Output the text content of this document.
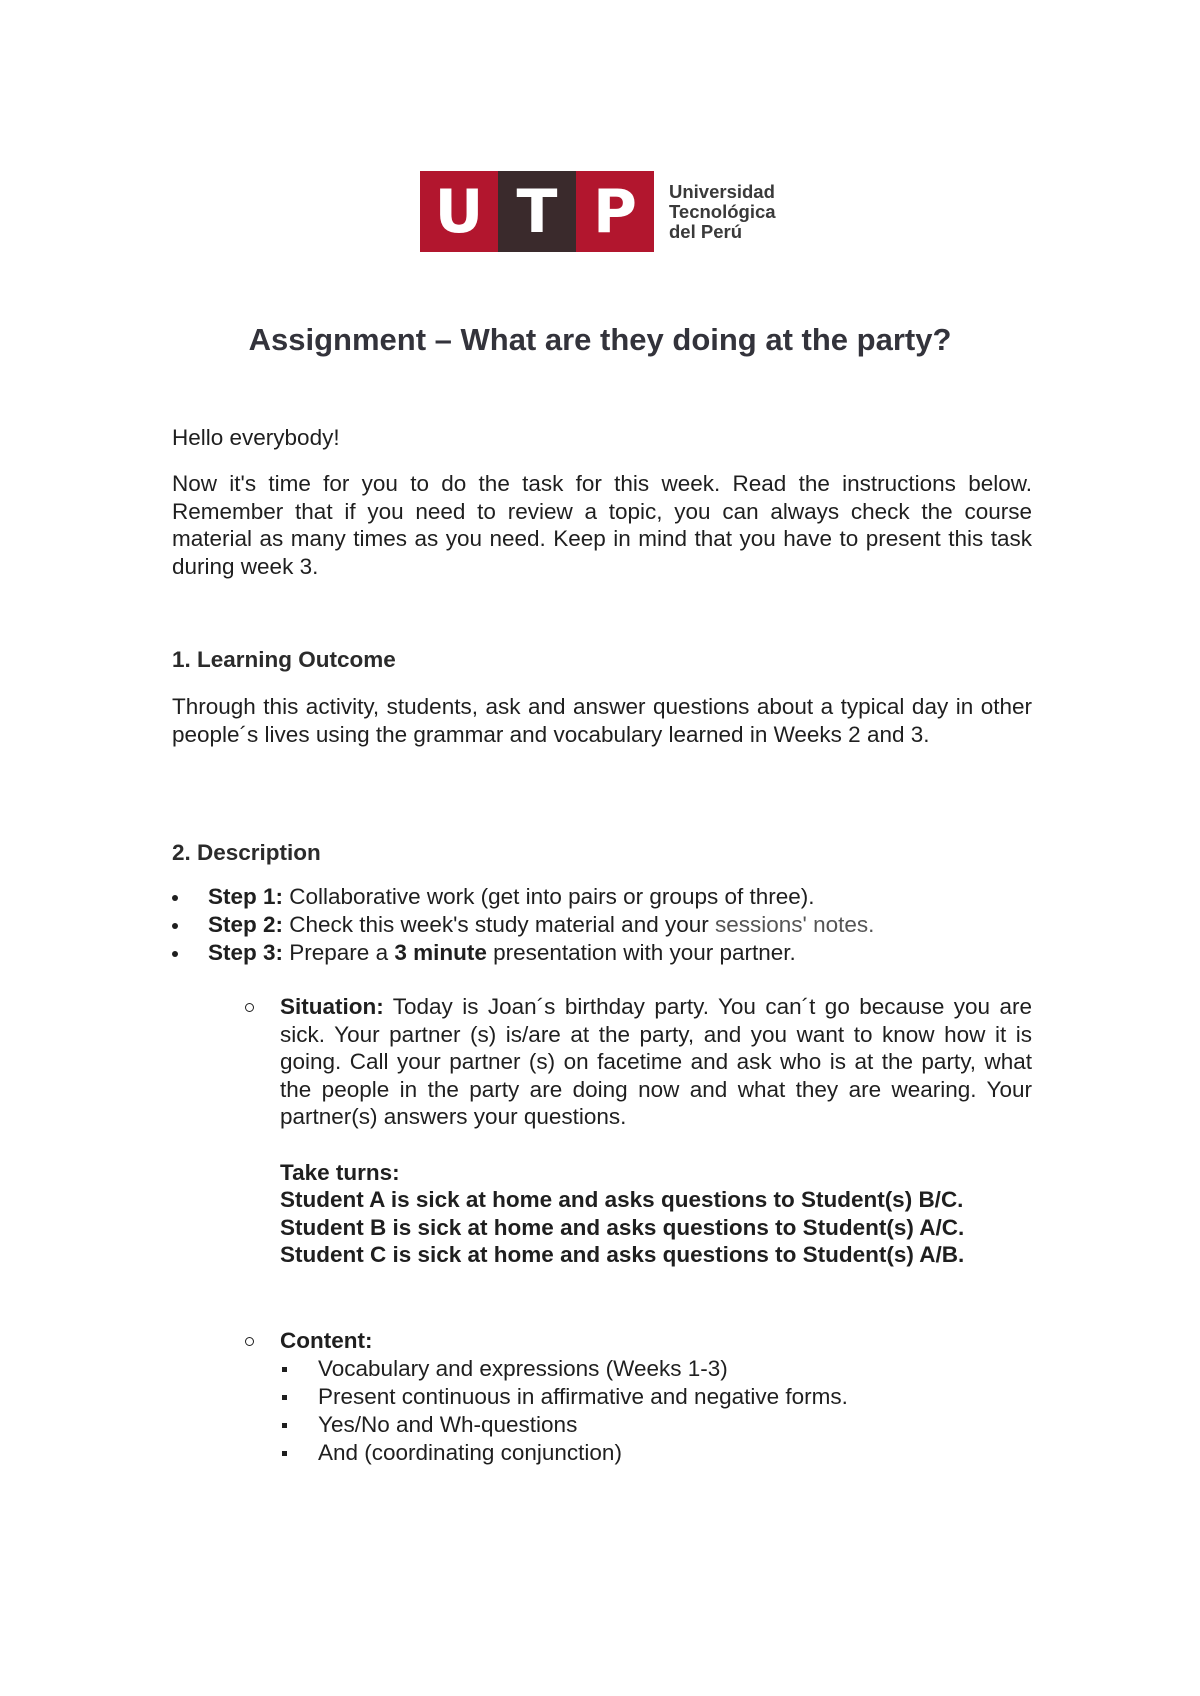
U T P	Universidad
Tecnológica
del Perú
Assignment – What are they doing at the party?
Hello everybody!
Now it's time for you to do the task for this week. Read the instructions below. Remember that if you need to review a topic, you can always check the course material as many times as you need. Keep in mind that you have to present this task during week 3.
1. Learning Outcome
Through this activity, students, ask and answer questions about a typical day in other people´s lives using the grammar and vocabulary learned in Weeks 2 and 3.
2. Description
Step 1: Collaborative work (get into pairs or groups of three).
Step 2: Check this week's study material and your sessions' notes.
Step 3: Prepare a 3 minute presentation with your partner.
Situation: Today is Joan´s birthday party. You can´t go because you are sick. Your partner (s) is/are at the party, and you want to know how it is going. Call your partner (s) on facetime and ask who is at the party, what the people in the party are doing now and what they are wearing. Your partner(s) answers your questions.
Take turns:
Student A is sick at home and asks questions to Student(s) B/C.
Student B is sick at home and asks questions to Student(s) A/C.
Student C is sick at home and asks questions to Student(s) A/B.
Content:
Vocabulary and expressions (Weeks 1-3)
Present continuous in affirmative and negative forms.
Yes/No and Wh-questions
And (coordinating conjunction)
